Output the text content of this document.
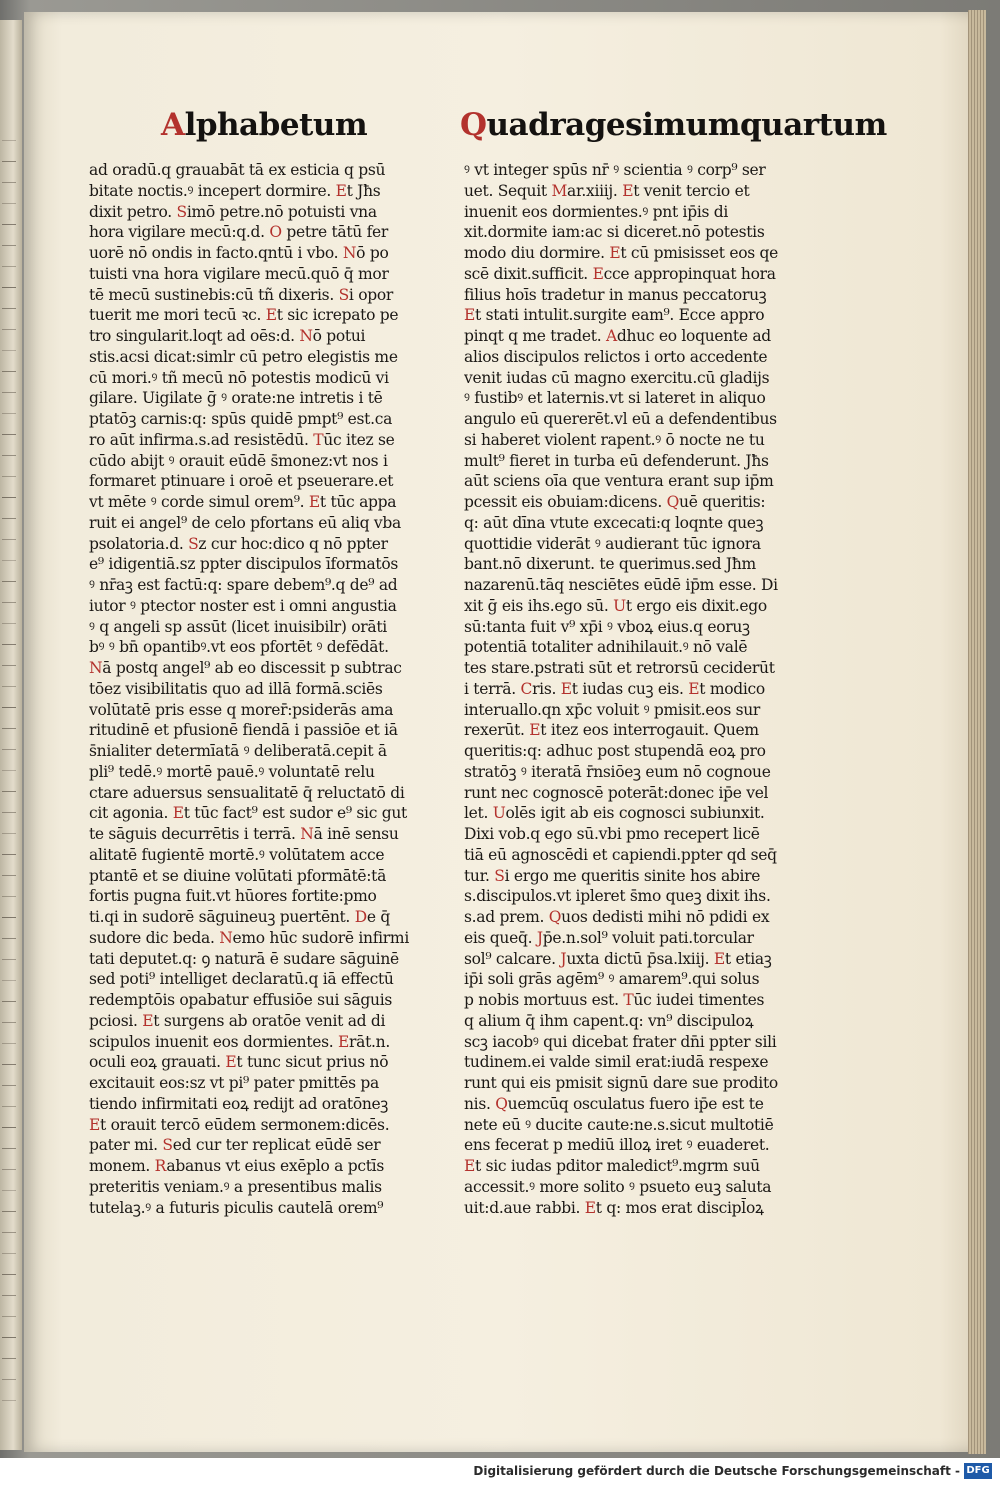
Alphabetum	Quadragesimumquartum
ad oradū.q grauabāt tā ex esticia q psū
bitate noctis.ꝰ incepert dormire. Et Jħs
dixit petro. Simō petre.nō potuisti vna
hora vigilare mecū:q.d. O petre tātū fer
uorē nō ondis in facto.qntū i vbo. Nō po
tuisti vna hora vigilare mecū.quō q̄ mor
tē mecū sustinebis:cū tñ dixeris. Si opor
tuerit me mori tecū ꝛc. Et sic icrepato pe
tro singularit.loqt ad oēs:d. Nō potui
stis.acsi dicat:simlr cū petro elegistis me
cū mori.ꝰ tñ mecū nō potestis modicū vi
gilare. Uigilate ḡ ꝰ orate:ne intretis i tē
ptatōꝫ carnis:q: spūs quidē pmpt⁹ est.ca
ro aūt infirma.s.ad resistēdū. Tūc itez se
cūdo abijt ꝰ orauit eūdē s̄monez:vt nos i
formaret ptinuare i oroē et pseuerare.et
vt mēte ꝰ corde simul orem⁹. Et tūc appa
ruit ei angel⁹ de celo pfortans eū aliq vba
psolatoria.d. Sz cur hoc:dico q nō ppter
e⁹ idigentiā.sz ppter discipulos īformatōs
ꝰ nr̄aꝫ est factū:q: spare debem⁹.q de⁹ ad
iutor ꝰ ptector noster est i omni angustia
ꝰ q angeli sp assūt (licet inuisibilr) orāti
bꝰ ꝰ bn̄ opantibꝰ.vt eos pfortēt ꝰ defēdāt.
Nā postq angel⁹ ab eo discessit p subtrac
tōez visibilitatis quo ad illā formā.sciēs
volūtatē pris esse q morer̄:psiderās ama
ritudinē et pfusionē fiendā i passiōe et iā
s̄nialiter determīatā ꝰ deliberatā.cepit ā
pli⁹ tedē.ꝰ mortē pauē.ꝰ voluntatē relu
ctare aduersus sensualitatē q̄ reluctatō di
cit agonia. Et tūc fact⁹ est sudor e⁹ sic gut
te sāguis decurrētis i terrā. Nā inē sensu
alitatē fugientē mortē.ꝰ volūtatem acce
ptantē et se diuine volūtati pformātē:tā
fortis pugna fuit.vt hūores fortite:pmo
ti.qi in sudorē sāguineuꝫ puertēnt. De q̄
sudore dic beda. Nemo hūc sudorē infirmi
tati deputet.q: ꝯ naturā ē sudare sāguinē
sed poti⁹ intelliget declaratū.q iā effectū
redemptōis opabatur effusiōe sui sāguis
pciosi. Et surgens ab oratōe venit ad di
scipulos inuenit eos dormientes. Erāt.n.
oculi eoꝝ grauati. Et tunc sicut prius nō
excitauit eos:sz vt pi⁹ pater pmittēs pa
tiendo infirmitati eoꝝ redijt ad oratōneꝫ
Et orauit tercō eūdem sermonem:dicēs.
pater mi. Sed cur ter replicat eūdē ser
monem. Rabanus vt eius exēplo a pctīs
preteritis veniam.ꝰ a presentibus malis
tutelaꝫ.ꝰ a futuris piculis cautelā orem⁹
ꝰ vt integer spūs nr̄ ꝰ scientia ꝰ corp⁹ ser
uet. Sequit Mar.xiiij. Et venit tercio et
inuenit eos dormientes.ꝰ pnt ip̄is di
xit.dormite iam:ac si diceret.nō potestis
modo diu dormire. Et cū pmisisset eos qe
scē dixit.sufficit. Ecce appropinquat hora
filius hoīs tradetur in manus peccatoruꝫ
Et stati intulit.surgite eam⁹. Ecce appro
pinqt q me tradet. Adhuc eo loquente ad
alios discipulos relictos i orto accedente
venit iudas cū magno exercitu.cū gladijs
ꝰ fustibꝰ et laternis.vt si lateret in aliquo
angulo eū quererēt.vl eū a defendentibus
si haberet violent rapent.ꝰ ō nocte ne tu
mult⁹ fieret in turba eū defenderunt. Jħs
aūt sciens oīa que ventura erant sup ip̄m
pcessit eis obuiam:dicens. Quē queritis:
q: aūt dīna vtute excecati:q loqnte queꝫ
quottidie viderāt ꝰ audierant tūc ignora
bant.nō dixerunt. te querimus.sed Jħm
nazarenū.tāq nesciētes eūdē ip̄m esse. Di
xit ḡ eis ihs.ego sū. Ut ergo eis dixit.ego
sū:tanta fuit v⁹ xp̄i ꝰ vboꝝ eius.q eoruꝫ
potentiā totaliter adnihilauit.ꝰ nō valē
tes stare.pstrati sūt et retrorsū ceciderūt
i terrā. Cris. Et iudas cuꝫ eis. Et modico
interuallo.qn xp̄c voluit ꝰ pmisit.eos sur
rexerūt. Et itez eos interrogauit. Quem
queritis:q: adhuc post stupendā eoꝝ pro
stratōꝫ ꝰ iteratā r̄nsiōeꝫ eum nō cognoue
runt nec cognoscē poterāt:donec ip̄e vel
let. Uolēs igit ab eis cognosci subiunxit.
Dixi vob.q ego sū.vbi pmo recepert licē
tiā eū agnoscēdi et capiendi.ppter qd seq̄
tur. Si ergo me queritis sinite hos abire
s.discipulos.vt ipleret s̄mo queꝫ dixit ihs.
s.ad prem. Quos dedisti mihi nō pdidi ex
eis queq̄. Jp̄e.n.sol⁹ voluit pati.torcular
sol⁹ calcare. Juxta dictū p̄sa.lxiij. Et etiaꝫ
ip̄i soli grās agēm⁹ ꝰ amarem⁹.qui solus
p nobis mortuus est. Tūc iudei timentes
q alium q̄ ihm capent.q: vn⁹ discipuloꝝ
scꝫ iacobꝰ qui dicebat frater dn̄i ppter sili
tudinem.ei valde simil erat:iudā respexe
runt qui eis pmisit signū dare sue prodito
nis. Quemcūq osculatus fuero ip̄e est te
nete eū ꝰ ducite caute:ne.s.sicut multotiē
ens fecerat p mediū illoꝝ iret ꝰ euaderet.
Et sic iudas pditor maledict⁹.mgrm suū
accessit.ꝰ more solito ꝰ psueto euꝫ saluta
uit:d.aue rabbi. Et q: mos erat discipl̄oꝝ
Digitalisierung gefördert durch die Deutsche Forschungsgemeinschaft - DFG
